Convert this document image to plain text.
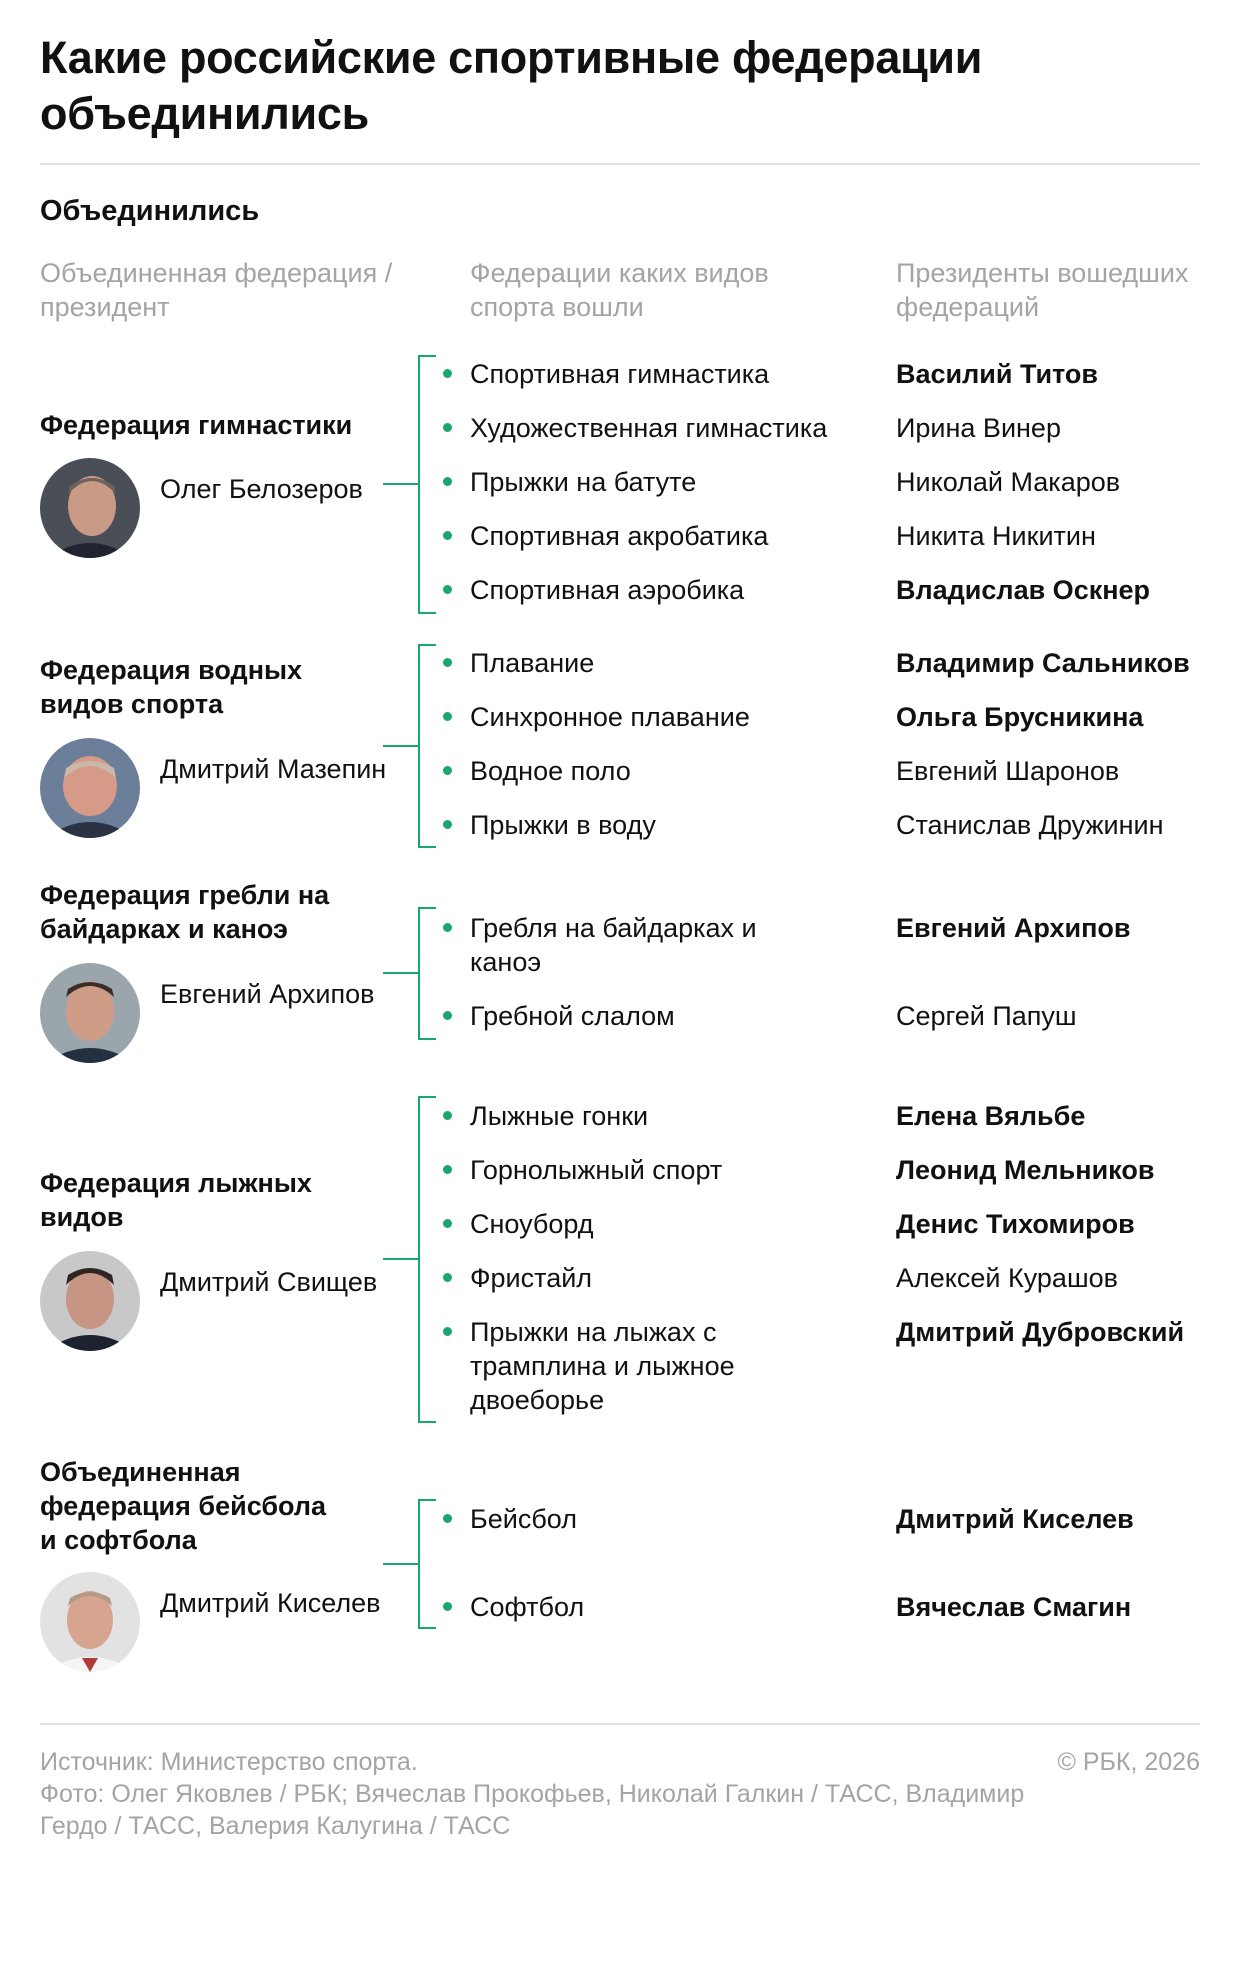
Какие российские спортивные федерации объединились
Объединились
Объединенная федерация / президент
Федерации каких видов спорта вошли
Президенты вошедших федераций
Федерация гимнастики
Олег Белозеров
Спортивная гимнастика
Художественная гимнастика
Прыжки на батуте
Спортивная акробатика
Спортивная аэробика
Василий Титов
Ирина Винер
Николай Макаров
Никита Никитин
Владислав Оскнер
Федерация водных видов спорта
Дмитрий Мазепин
Плавание
Синхронное плавание
Водное поло
Прыжки в воду
Владимир Сальников
Ольга Брусникина
Евгений Шаронов
Станислав Дружинин
Федерация гребли на байдарках и каноэ
Евгений Архипов
Гребля на байдарках и каноэ
Гребной слалом
Евгений Архипов
Сергей Папуш
Федерация лыжных видов
Дмитрий Свищев
Лыжные гонки
Горнолыжный спорт
Сноуборд
Фристайл
Прыжки на лыжах с трамплина и лыжное двоеборье
Елена Вяльбе
Леонид Мельников
Денис Тихомиров
Алексей Курашов
Дмитрий Дубровский
Объединенная федерация бейсбола и софтбола
Дмитрий Киселев
Бейсбол
Софтбол
Дмитрий Киселев
Вячеслав Смагин
Источник: Министерство спорта.
Фото: Олег Яковлев / РБК; Вячеслав Прокофьев, Николай Галкин / ТАСС, Владимир Гердо / ТАСС, Валерия Калугина / ТАСС
© РБК, 2026
